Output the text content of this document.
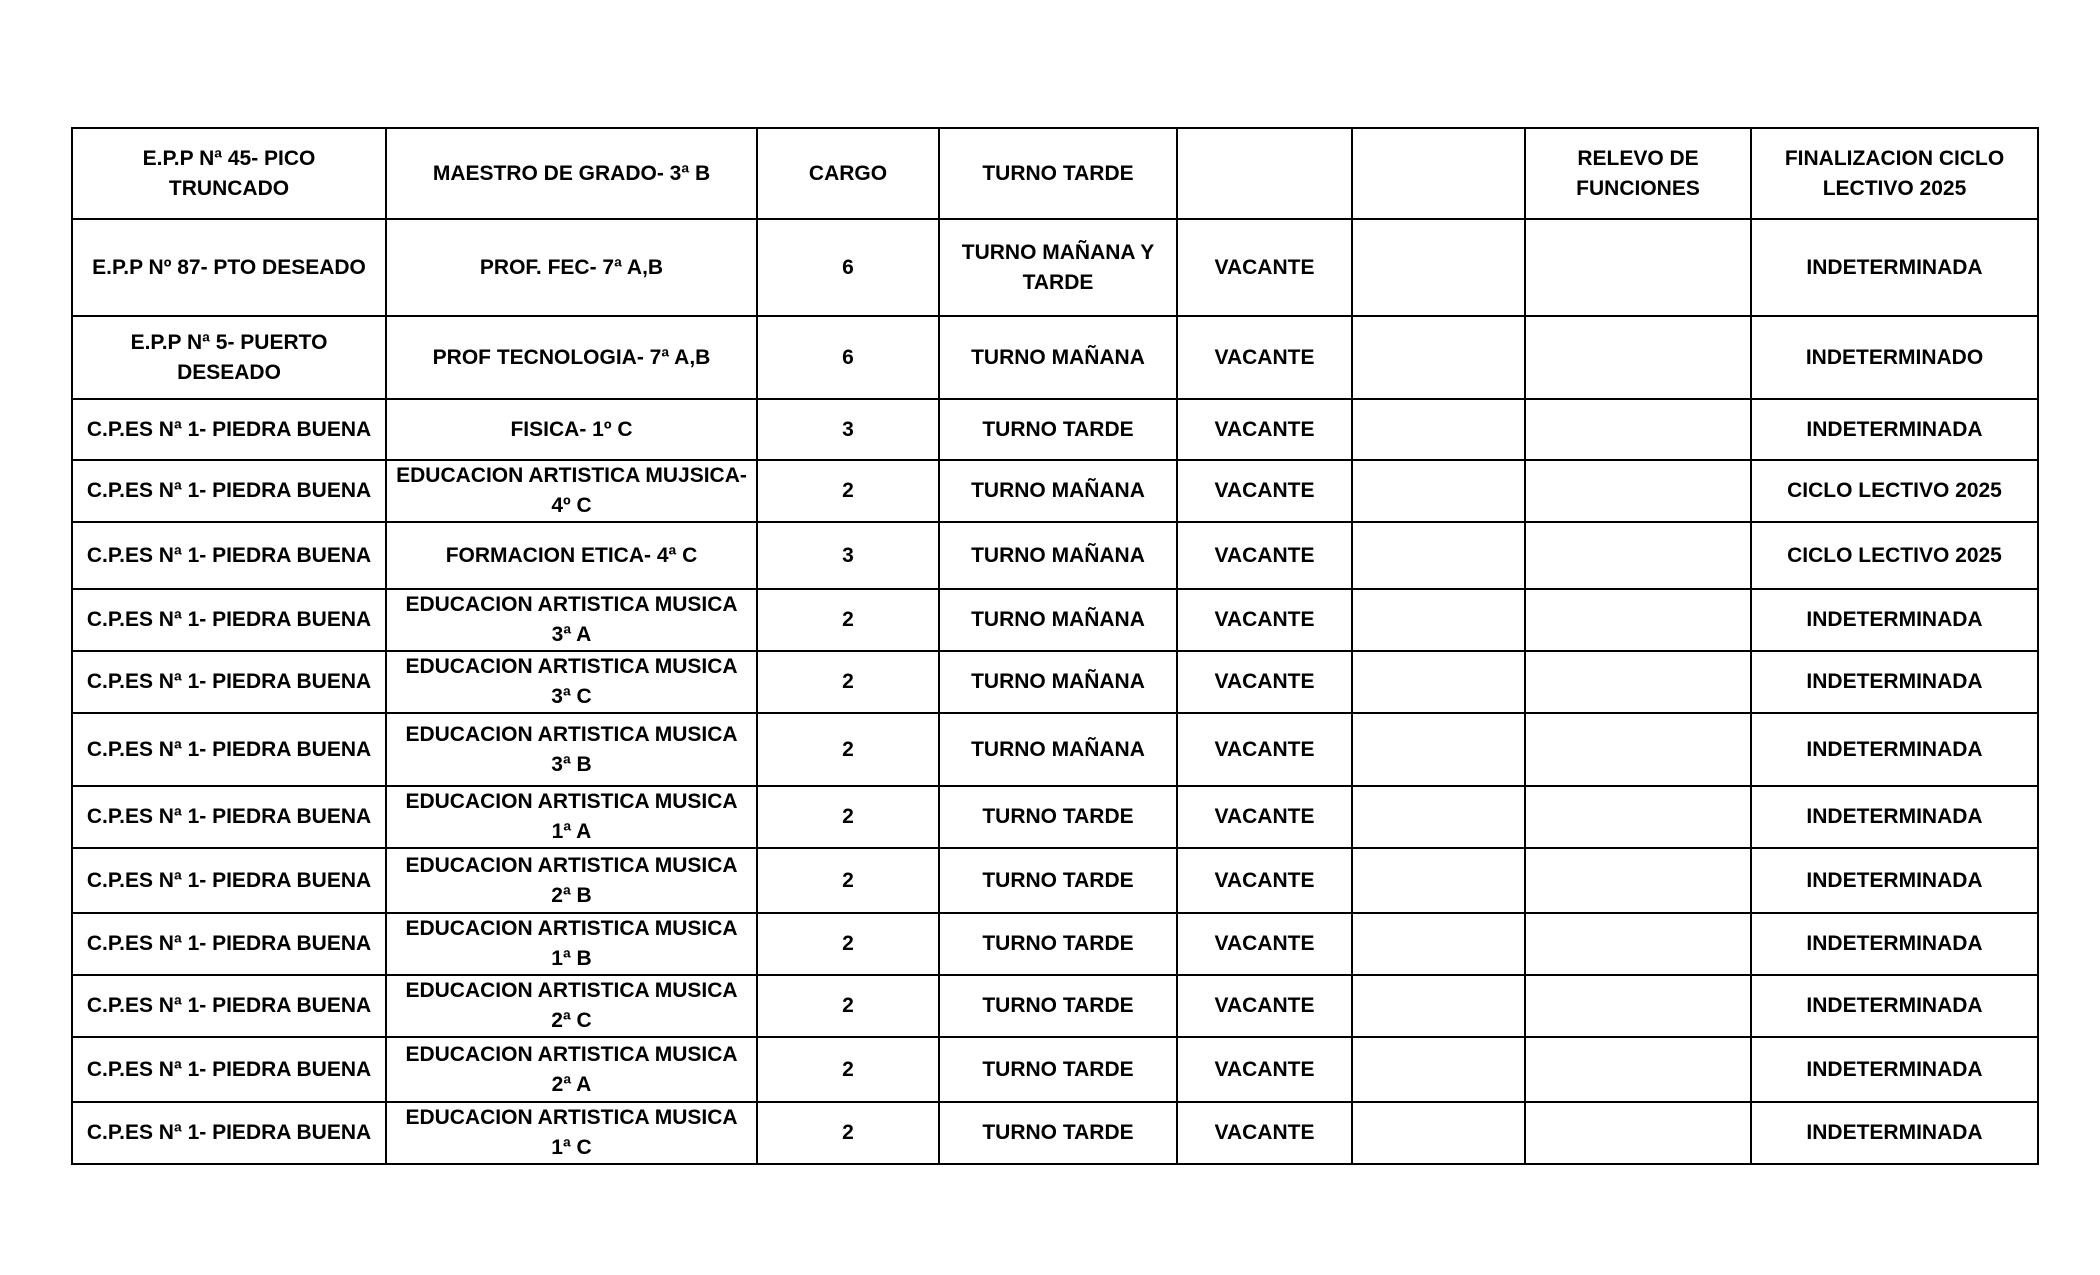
E.P.P Nª 45- PICO TRUNCADO	MAESTRO DE GRADO- 3ª B	CARGO	TURNO TARDE			RELEVO DE FUNCIONES	FINALIZACION CICLO LECTIVO 2025
E.P.P Nº 87- PTO DESEADO	PROF. FEC- 7ª A,B	6	TURNO MAÑANA Y TARDE	VACANTE			INDETERMINADA
E.P.P Nª 5- PUERTO DESEADO	PROF TECNOLOGIA- 7ª A,B	6	TURNO MAÑANA	VACANTE			INDETERMINADO
C.P.ES Nª 1- PIEDRA BUENA	FISICA- 1º C	3	TURNO TARDE	VACANTE			INDETERMINADA
C.P.ES Nª 1- PIEDRA BUENA	EDUCACION ARTISTICA MUJSICA- 4º C	2	TURNO MAÑANA	VACANTE			CICLO LECTIVO 2025
C.P.ES Nª 1- PIEDRA BUENA	FORMACION ETICA- 4ª C	3	TURNO MAÑANA	VACANTE			CICLO LECTIVO 2025
C.P.ES Nª 1- PIEDRA BUENA	EDUCACION ARTISTICA MUSICA 3ª A	2	TURNO MAÑANA	VACANTE			INDETERMINADA
C.P.ES Nª 1- PIEDRA BUENA	EDUCACION ARTISTICA MUSICA 3ª C	2	TURNO MAÑANA	VACANTE			INDETERMINADA
C.P.ES Nª 1- PIEDRA BUENA	EDUCACION ARTISTICA MUSICA 3ª B	2	TURNO MAÑANA	VACANTE			INDETERMINADA
C.P.ES Nª 1- PIEDRA BUENA	EDUCACION ARTISTICA MUSICA 1ª A	2	TURNO TARDE	VACANTE			INDETERMINADA
C.P.ES Nª 1- PIEDRA BUENA	EDUCACION ARTISTICA MUSICA 2ª B	2	TURNO TARDE	VACANTE			INDETERMINADA
C.P.ES Nª 1- PIEDRA BUENA	EDUCACION ARTISTICA MUSICA 1ª B	2	TURNO TARDE	VACANTE			INDETERMINADA
C.P.ES Nª 1- PIEDRA BUENA	EDUCACION ARTISTICA MUSICA 2ª C	2	TURNO TARDE	VACANTE			INDETERMINADA
C.P.ES Nª 1- PIEDRA BUENA	EDUCACION ARTISTICA MUSICA 2ª A	2	TURNO TARDE	VACANTE			INDETERMINADA
C.P.ES Nª 1- PIEDRA BUENA	EDUCACION ARTISTICA MUSICA 1ª C	2	TURNO TARDE	VACANTE			INDETERMINADA
